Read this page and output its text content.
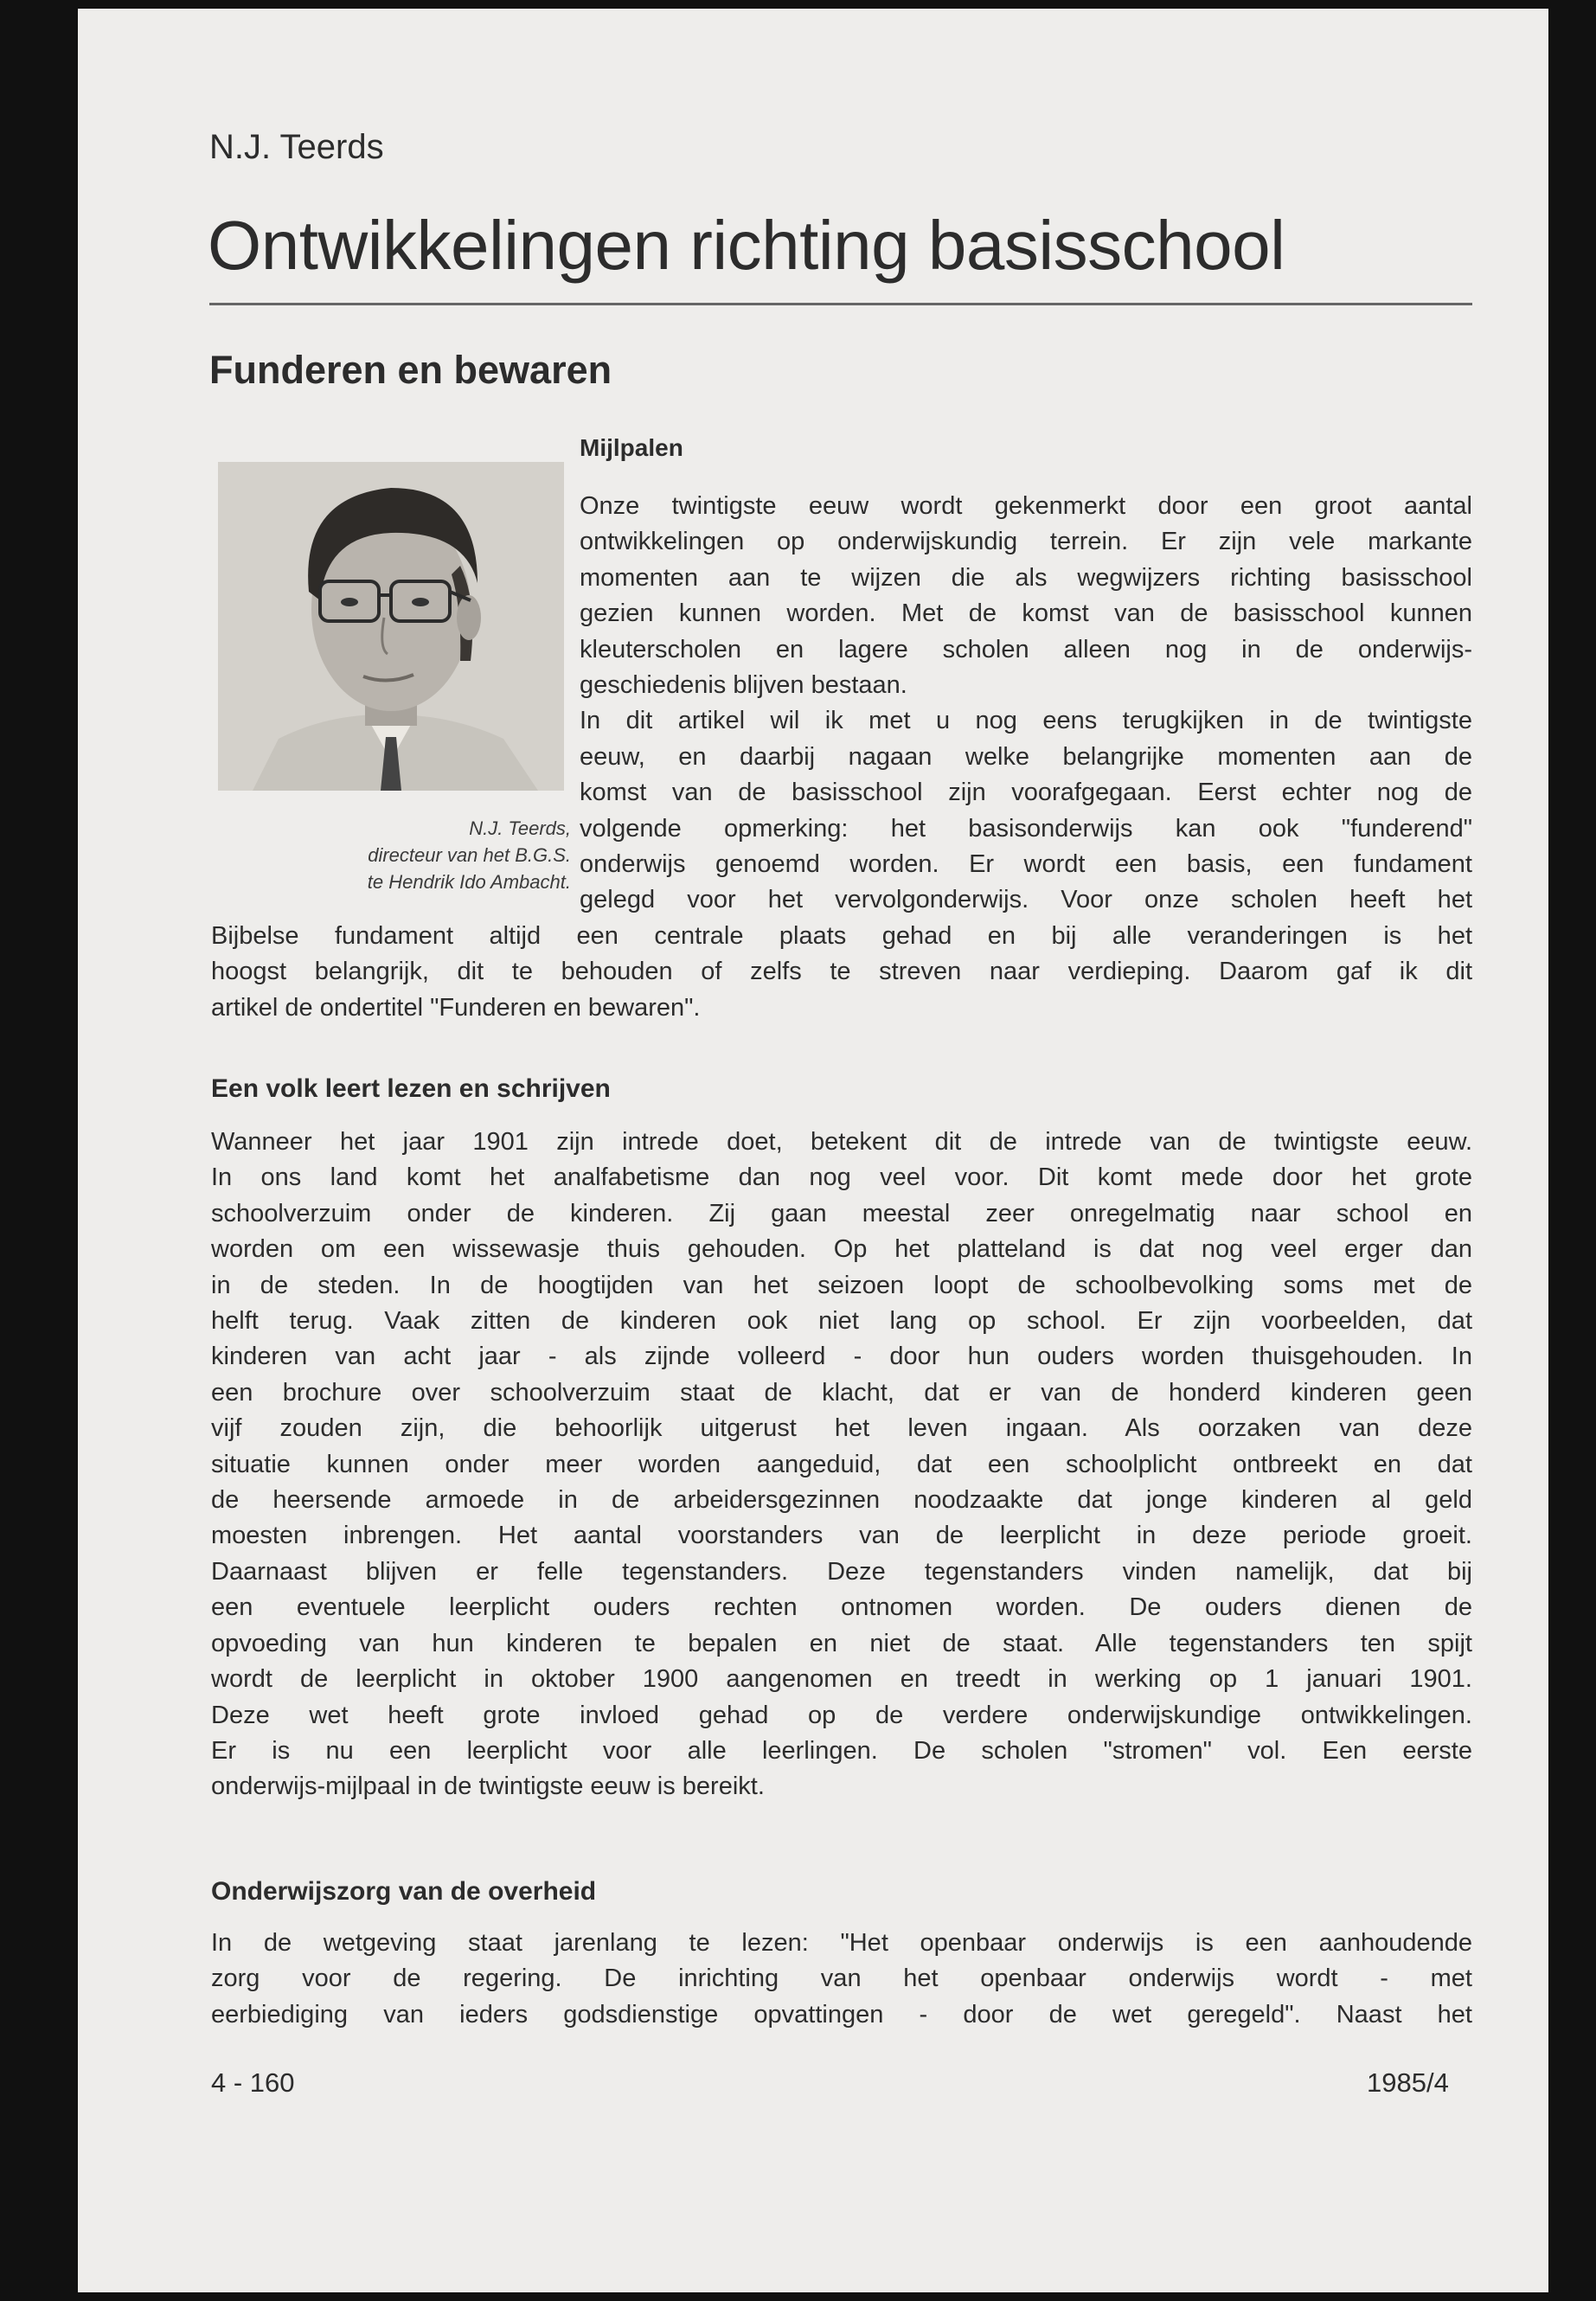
N.J. Teerds
Ontwikkelingen richting basisschool
Funderen en bewaren
N.J. Teerds,
directeur van het B.G.S.
te Hendrik Ido Ambacht.
Mijlpalen
Onze twintigste eeuw wordt gekenmerkt door een groot aantal
ontwikkelingen op onderwijskundig terrein. Er zijn vele markante
momenten aan te wijzen die als wegwijzers richting basisschool
gezien kunnen worden. Met de komst van de basisschool kunnen
kleuterscholen en lagere scholen alleen nog in de onderwijs-
geschiedenis blijven bestaan.
In dit artikel wil ik met u nog eens terugkijken in de twintigste
eeuw, en daarbij nagaan welke belangrijke momenten aan de
komst van de basisschool zijn voorafgegaan. Eerst echter nog de
volgende opmerking: het basisonderwijs kan ook "funderend"
onderwijs genoemd worden. Er wordt een basis, een fundament
gelegd voor het vervolgonderwijs. Voor onze scholen heeft het
Bijbelse fundament altijd een centrale plaats gehad en bij alle veranderingen is het
hoogst belangrijk, dit te behouden of zelfs te streven naar verdieping. Daarom gaf ik dit
artikel de ondertitel "Funderen en bewaren".
Een volk leert lezen en schrijven
Wanneer het jaar 1901 zijn intrede doet, betekent dit de intrede van de twintigste eeuw.
In ons land komt het analfabetisme dan nog veel voor. Dit komt mede door het grote
schoolverzuim onder de kinderen. Zij gaan meestal zeer onregelmatig naar school en
worden om een wissewasje thuis gehouden. Op het platteland is dat nog veel erger dan
in de steden. In de hoogtijden van het seizoen loopt de schoolbevolking soms met de
helft terug. Vaak zitten de kinderen ook niet lang op school. Er zijn voorbeelden, dat
kinderen van acht jaar - als zijnde volleerd - door hun ouders worden thuisgehouden. In
een brochure over schoolverzuim staat de klacht, dat er van de honderd kinderen geen
vijf zouden zijn, die behoorlijk uitgerust het leven ingaan. Als oorzaken van deze
situatie kunnen onder meer worden aangeduid, dat een schoolplicht ontbreekt en dat
de heersende armoede in de arbeidersgezinnen noodzaakte dat jonge kinderen al geld
moesten inbrengen. Het aantal voorstanders van de leerplicht in deze periode groeit.
Daarnaast blijven er felle tegenstanders. Deze tegenstanders vinden namelijk, dat bij
een eventuele leerplicht ouders rechten ontnomen worden. De ouders dienen de
opvoeding van hun kinderen te bepalen en niet de staat. Alle tegenstanders ten spijt
wordt de leerplicht in oktober 1900 aangenomen en treedt in werking op 1 januari 1901.
Deze wet heeft grote invloed gehad op de verdere onderwijskundige ontwikkelingen.
Er is nu een leerplicht voor alle leerlingen. De scholen "stromen" vol. Een eerste
onderwijs-mijlpaal in de twintigste eeuw is bereikt.
Onderwijszorg van de overheid
In de wetgeving staat jarenlang te lezen: "Het openbaar onderwijs is een aanhoudende
zorg voor de regering. De inrichting van het openbaar onderwijs wordt - met
eerbiediging van ieders godsdienstige opvattingen - door de wet geregeld". Naast het
4 - 160	1985/4
